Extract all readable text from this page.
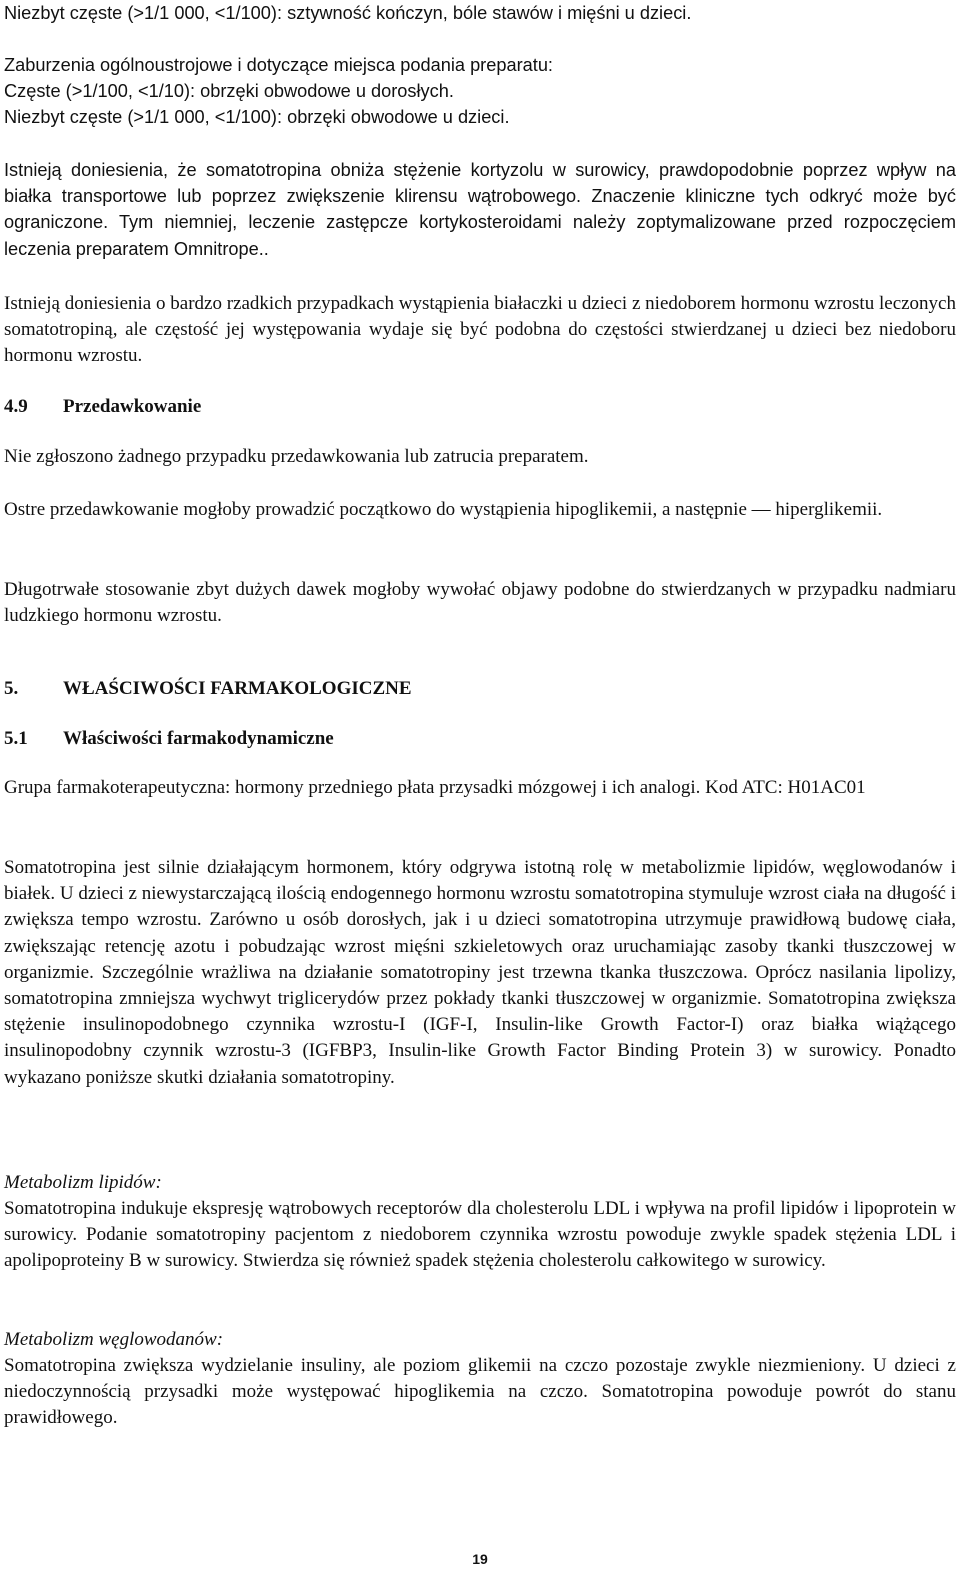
Niezbyt częste (>1/1 000, <1/100): sztywność kończyn, bóle stawów i mięśni u dzieci.

Zaburzenia ogólnoustrojowe i dotyczące miejsca podania preparatu:

Częste (>1/100, <1/10): obrzęki obwodowe u dorosłych.

Niezbyt częste (>1/1 000, <1/100): obrzęki obwodowe u dzieci.

Istnieją doniesienia, że somatotropina obniża stężenie kortyzolu w surowicy, prawdopodobnie poprzez wpływ na białka transportowe lub poprzez zwiększenie klirensu wątrobowego. Znaczenie kliniczne tych odkryć może być ograniczone. Tym niemniej, leczenie zastępcze kortykosteroidami należy zoptymalizowane przed rozpoczęciem leczenia preparatem Omnitrope..

Istnieją doniesienia o bardzo rzadkich przypadkach wystąpienia białaczki u dzieci z niedoborem hormonu wzrostu leczonych somatotropiną, ale częstość jej występowania wydaje się być podobna do częstości stwierdzanej u dzieci bez niedoboru hormonu wzrostu.

4.9 Przedawkowanie

Nie zgłoszono żadnego przypadku przedawkowania lub zatrucia preparatem.

Ostre przedawkowanie mogłoby prowadzić początkowo do wystąpienia hipoglikemii, a następnie — hiperglikemii.

Długotrwałe stosowanie zbyt dużych dawek mogłoby wywołać objawy podobne do stwierdzanych w przypadku nadmiaru ludzkiego hormonu wzrostu.

5. WŁAŚCIWOŚCI FARMAKOLOGICZNE
5.1 Właściwości farmakodynamiczne

Grupa farmakoterapeutyczna: hormony przedniego płata przysadki mózgowej i ich analogi. Kod ATC: H01AC01

Somatotropina jest silnie działającym hormonem, który odgrywa istotną rolę w metabolizmie lipidów, węglowodanów i białek. U dzieci z niewystarczającą ilością endogennego hormonu wzrostu somatotropina stymuluje wzrost ciała na długość i zwiększa tempo wzrostu. Zarówno u osób dorosłych, jak i u dzieci somatotropina utrzymuje prawidłową budowę ciała, zwiększając retencję azotu i pobudzając wzrost mięśni szkieletowych oraz uruchamiając zasoby tkanki tłuszczowej w organizmie. Szczególnie wrażliwa na działanie somatotropiny jest trzewna tkanka tłuszczowa. Oprócz nasilania lipolizy, somatotropina zmniejsza wychwyt triglicerydów przez pokłady tkanki tłuszczowej w organizmie. Somatotropina zwiększa stężenie insulinopodobnego czynnika wzrostu-I (IGF-I, Insulin-like Growth Factor-I) oraz białka wiążącego insulinopodobny czynnik wzrostu-3 (IGFBP3, Insulin-like Growth Factor Binding Protein 3) w surowicy. Ponadto wykazano poniższe skutki działania somatotropiny.

Metabolizm lipidów:

Somatotropina indukuje ekspresję wątrobowych receptorów dla cholesterolu LDL i wpływa na profil lipidów i lipoprotein w surowicy. Podanie somatotropiny pacjentom z niedoborem czynnika wzrostu powoduje zwykle spadek stężenia LDL i apolipoproteiny B w surowicy. Stwierdza się również spadek stężenia cholesterolu całkowitego w surowicy.

Metabolizm węglowodanów:

Somatotropina zwiększa wydzielanie insuliny, ale poziom glikemii na czczo pozostaje zwykle niezmieniony. U dzieci z niedoczynnością przysadki może występować hipoglikemia na czczo. Somatotropina powoduje powrót do stanu prawidłowego.

19
